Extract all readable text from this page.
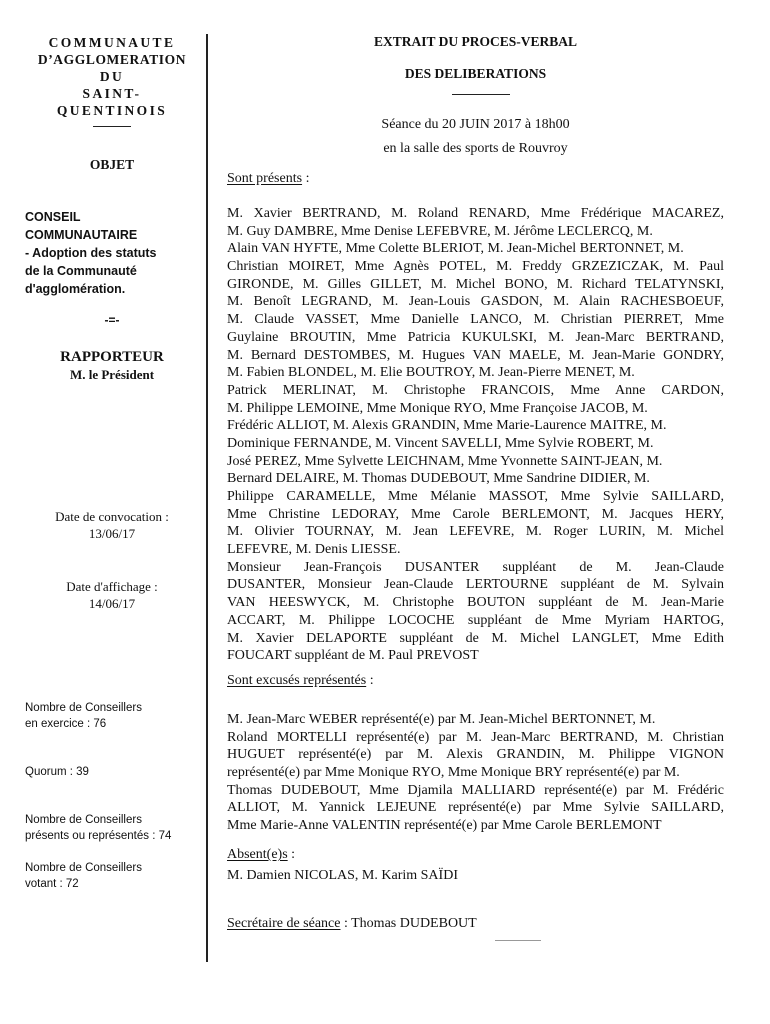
COMMUNAUTE
D’AGGLOMERATION
DU
SAINT-
QUENTINOIS
OBJET
CONSEIL
COMMUNAUTAIRE
- Adoption des statuts
de la Communauté
d'agglomération.
-=-
RAPPORTEUR
M. le Président
Date de convocation :
13/06/17
Date d'affichage :
14/06/17
Nombre de Conseillers
en exercice : 76
Quorum : 39
Nombre de Conseillers
présents ou représentés : 74
Nombre de Conseillers
votant : 72
EXTRAIT DU PROCES-VERBAL
DES DELIBERATIONS
Séance du 20 JUIN 2017 à 18h00
en la salle des sports de Rouvroy
Sont présents :
M. Xavier BERTRAND, M. Roland RENARD, Mme Frédérique MACAREZ,
M. Guy DAMBRE, Mme Denise LEFEBVRE, M. Jérôme LECLERCQ, M.
Alain VAN HYFTE, Mme Colette BLERIOT, M. Jean-Michel BERTONNET, M.
Christian MOIRET, Mme Agnès POTEL, M. Freddy GRZEZICZAK, M. Paul
GIRONDE, M. Gilles GILLET, M. Michel BONO, M. Richard TELATYNSKI,
M. Benoît LEGRAND, M. Jean-Louis GASDON, M. Alain RACHESBOEUF,
M. Claude VASSET, Mme Danielle LANCO, M. Christian PIERRET, Mme
Guylaine BROUTIN, Mme Patricia KUKULSKI, M. Jean-Marc BERTRAND,
M. Bernard DESTOMBES, M. Hugues VAN MAELE, M. Jean-Marie GONDRY,
M. Fabien BLONDEL, M. Elie BOUTROY, M. Jean-Pierre MENET, M.
Patrick MERLINAT, M. Christophe FRANCOIS, Mme Anne CARDON,
M. Philippe LEMOINE, Mme Monique RYO, Mme Françoise JACOB, M.
Frédéric ALLIOT, M. Alexis GRANDIN, Mme Marie-Laurence MAITRE, M.
Dominique FERNANDE, M. Vincent SAVELLI, Mme Sylvie ROBERT, M.
José PEREZ, Mme Sylvette LEICHNAM, Mme Yvonnette SAINT-JEAN, M.
Bernard DELAIRE, M. Thomas DUDEBOUT, Mme Sandrine DIDIER, M.
Philippe CARAMELLE, Mme Mélanie MASSOT, Mme Sylvie SAILLARD,
Mme Christine LEDORAY, Mme Carole BERLEMONT, M. Jacques HERY,
M. Olivier TOURNAY, M. Jean LEFEVRE, M. Roger LURIN, M. Michel
LEFEVRE, M. Denis LIESSE.
Monsieur Jean-François DUSANTER suppléant de M. Jean-Claude
DUSANTER, Monsieur Jean-Claude LERTOURNE suppléant de M. Sylvain
VAN HEESWYCK, M. Christophe BOUTON suppléant de M. Jean-Marie
ACCART, M. Philippe LOCOCHE suppléant de Mme Myriam HARTOG,
M. Xavier DELAPORTE suppléant de M. Michel LANGLET, Mme Edith
FOUCART suppléant de M. Paul PREVOST
Sont excusés représentés :
M. Jean-Marc WEBER représenté(e) par M. Jean-Michel BERTONNET, M.
Roland MORTELLI représenté(e) par M. Jean-Marc BERTRAND, M. Christian
HUGUET représenté(e) par M. Alexis GRANDIN, M. Philippe VIGNON
représenté(e) par Mme Monique RYO, Mme Monique BRY représenté(e) par M.
Thomas DUDEBOUT, Mme Djamila MALLIARD représenté(e) par M. Frédéric
ALLIOT, M. Yannick LEJEUNE représenté(e) par Mme Sylvie SAILLARD,
Mme Marie-Anne VALENTIN représenté(e) par Mme Carole BERLEMONT
Absent(e)s :
M. Damien NICOLAS, M. Karim SAÏDI
Secrétaire de séance : Thomas DUDEBOUT
